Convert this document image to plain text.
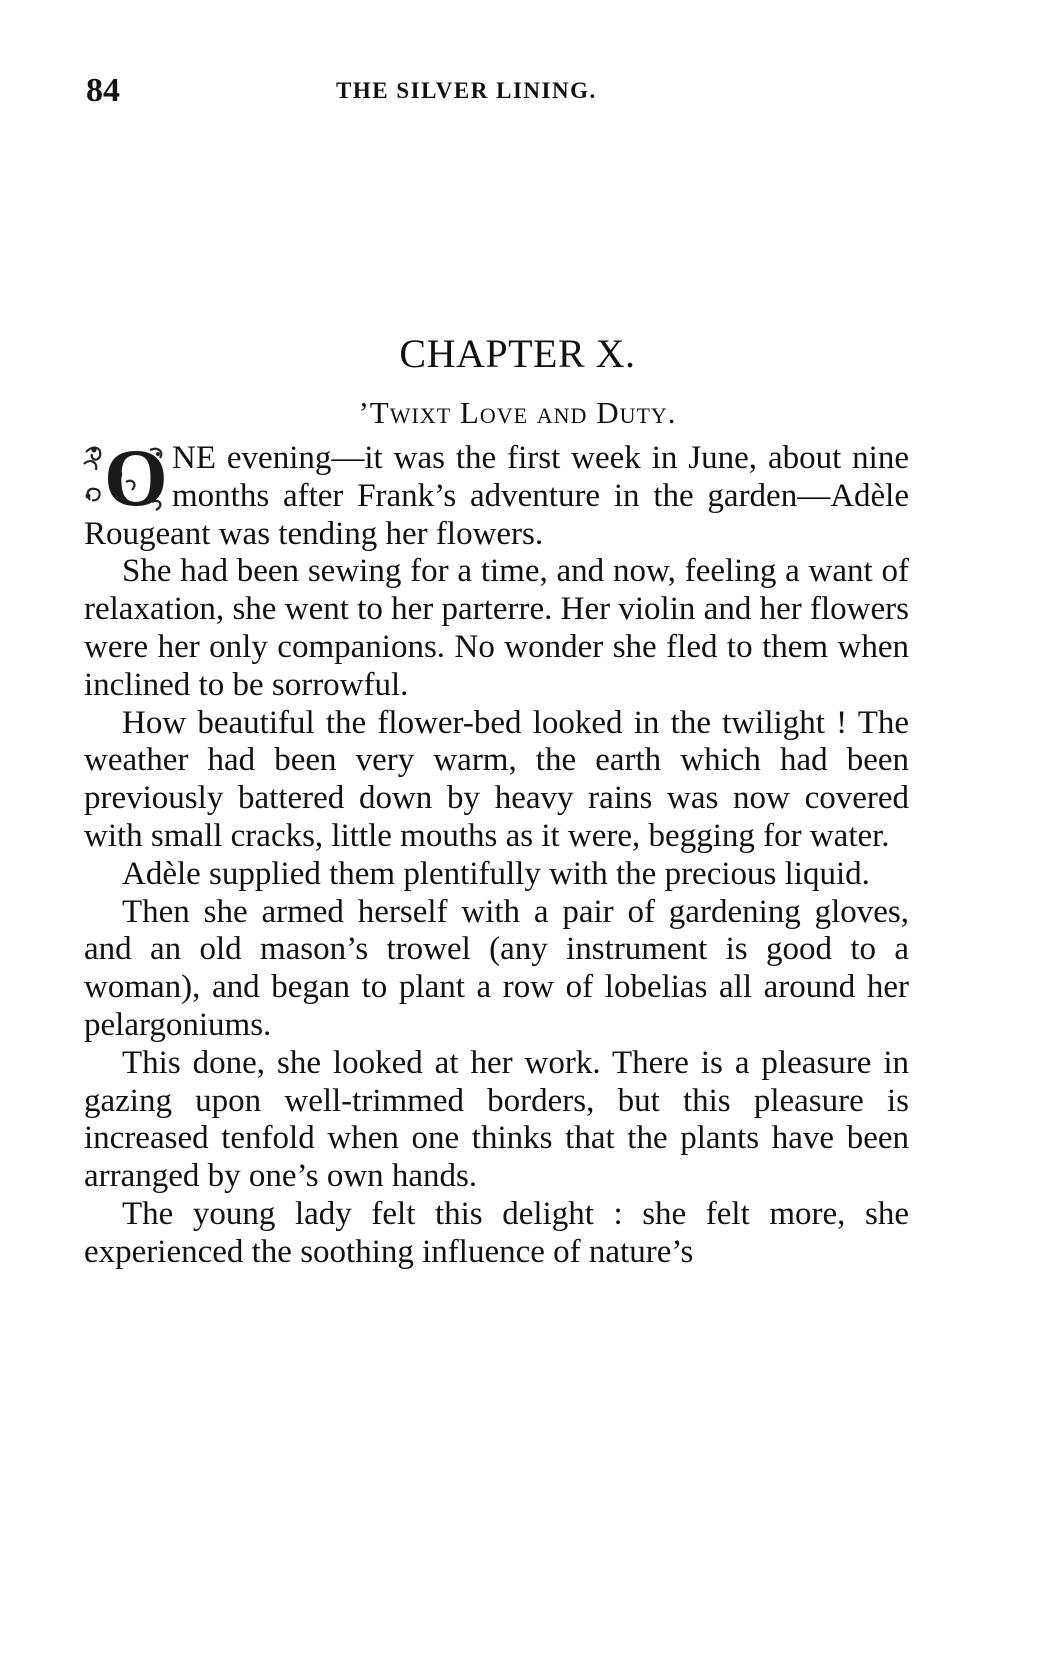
84	THE SILVER LINING.
CHAPTER X.
’Twixt Love and Duty.

O NE evening—it was the first week in June, about nine months after Frank’s adventure in the garden—Adèle Rougeant was tending her flowers.

She had been sewing for a time, and now, feeling a want of relaxation, she went to her parterre. Her violin and her flowers were her only companions. No wonder she fled to them when inclined to be sorrowful.

How beautiful the flower-bed looked in the twilight ! The weather had been very warm, the earth which had been previously battered down by heavy rains was now covered with small cracks, little mouths as it were, begging for water.

Adèle supplied them plentifully with the precious liquid.

Then she armed herself with a pair of gardening gloves, and an old mason’s trowel (any instrument is good to a woman), and began to plant a row of lobelias all around her pelargoniums.

This done, she looked at her work. There is a pleasure in gazing upon well-trimmed borders, but this pleasure is increased tenfold when one thinks that the plants have been arranged by one’s own hands.

The young lady felt this delight : she felt more, she experienced the soothing influence of nature’s
